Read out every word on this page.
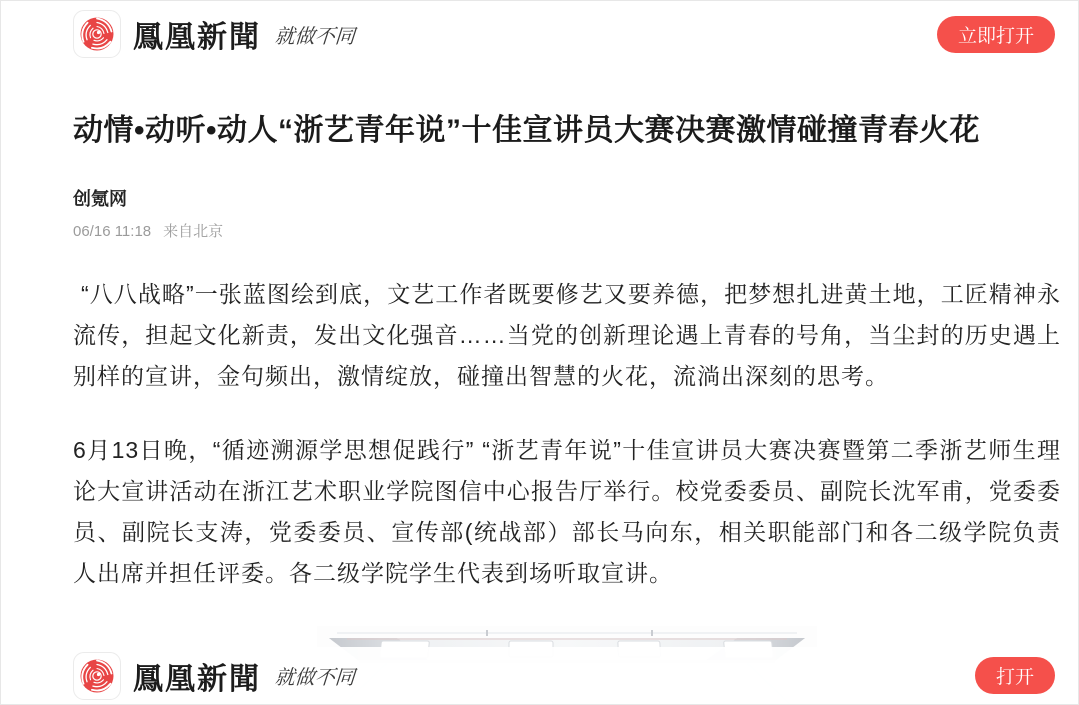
鳳凰新聞 就做不同	立即打开
动情•动听•动人“浙艺青年说”十佳宣讲员大赛决赛激情碰撞青春火花
创氪网
06/16 11:18 来自北京

“八八战略”一张蓝图绘到底，文艺工作者既要修艺又要养德，把梦想扎进黄土地，工匠精神永流传，担起文化新责，发出文化强音……当党的创新理论遇上青春的号角，当尘封的历史遇上别样的宣讲，金句频出，激情绽放，碰撞出智慧的火花，流淌出深刻的思考。

6月13日晚，“循迹溯源学思想促践行” “浙艺青年说”十佳宣讲员大赛决赛暨第二季浙艺师生理论大宣讲活动在浙江艺术职业学院图信中心报告厅举行。校党委委员、副院长沈军甫，党委委员、副院长支涛，党委委员、宣传部(统战部）部长马向东，相关职能部门和各二级学院负责人出席并担任评委。各二级学院学生代表到场听取宣讲。

鳳凰新聞 就做不同	打开
